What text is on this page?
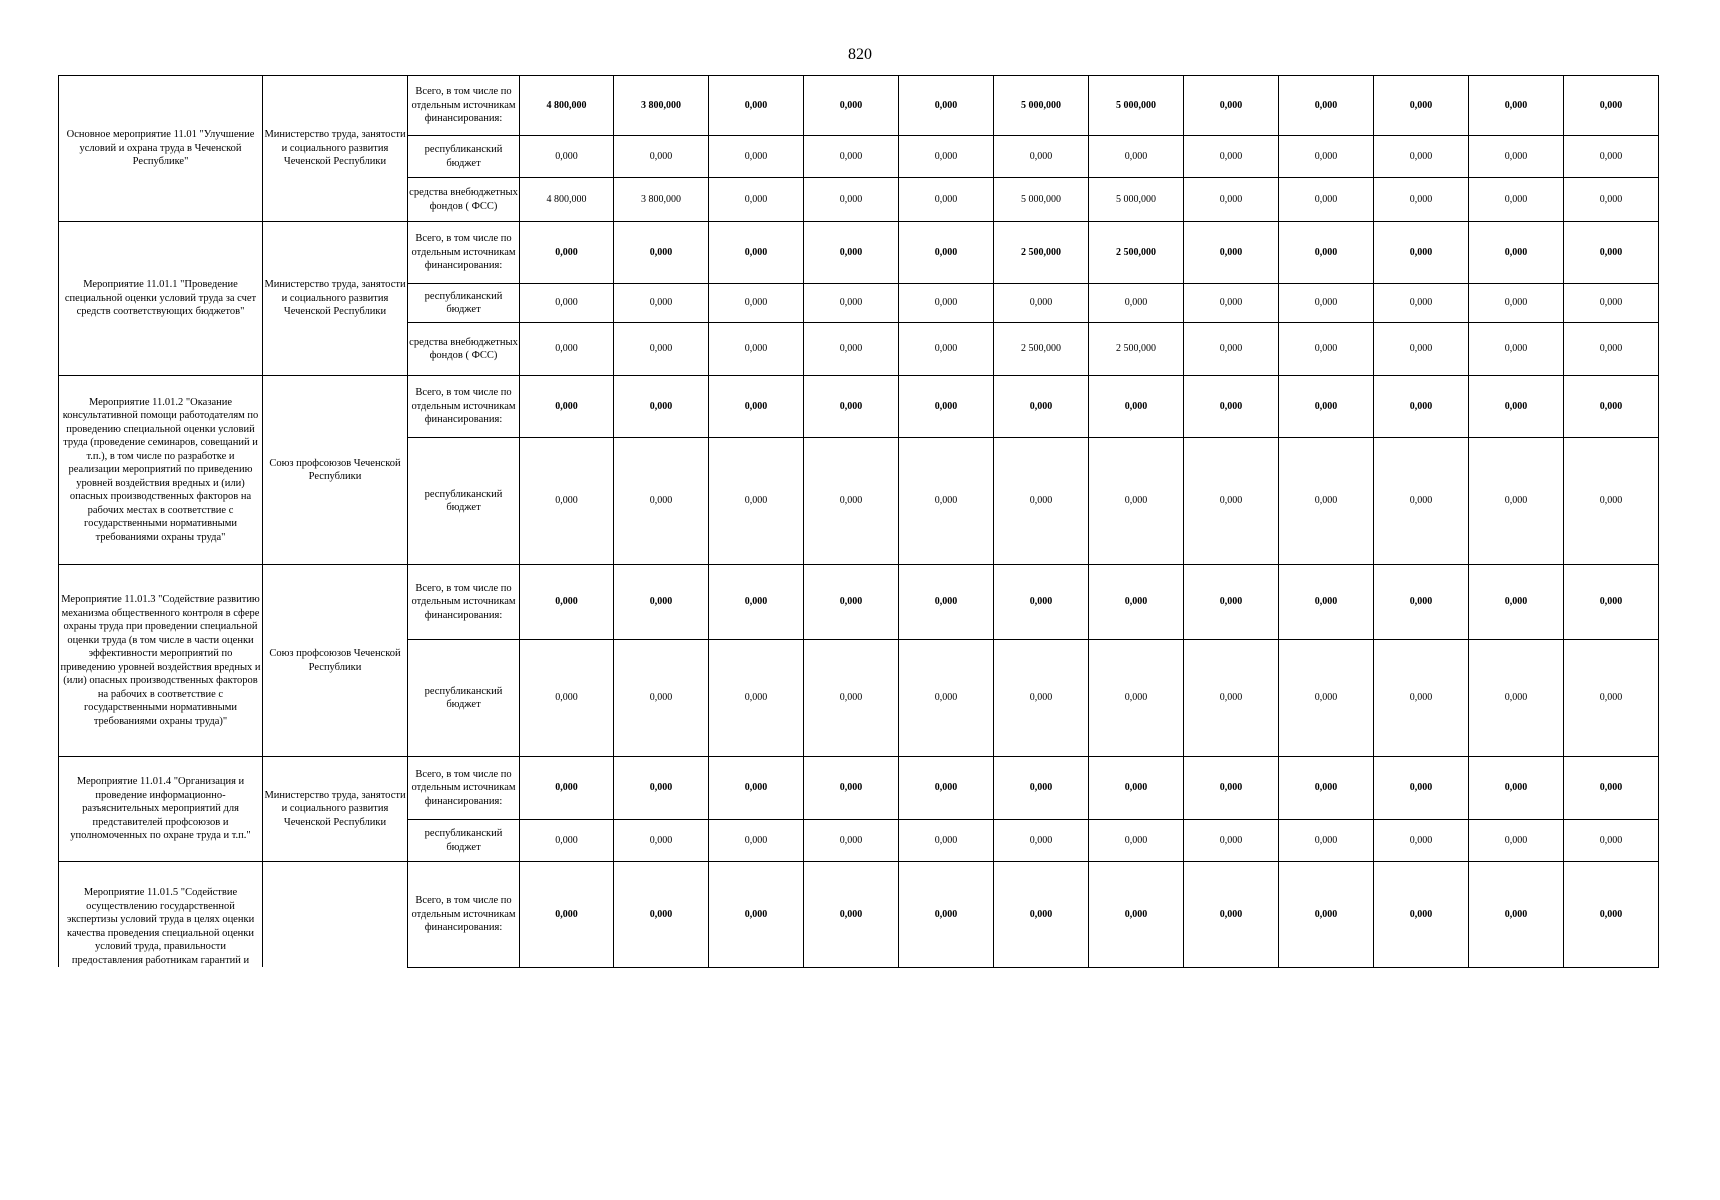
820
Основное мероприятие 11.01 "Улучшение условий и охрана труда в Чеченской Республике"	Министерство труда, занятости и социального развития Чеченской Республики	Всего, в том числе по отдельным источникам финансирования:	4 800,000	3 800,000	0,000	0,000	0,000	5 000,000	5 000,000	0,000	0,000	0,000	0,000	0,000
		республиканский бюджет	0,000	0,000	0,000	0,000	0,000	0,000	0,000	0,000	0,000	0,000	0,000	0,000
		средства внебюджетных фондов ( ФСС)	4 800,000	3 800,000	0,000	0,000	0,000	5 000,000	5 000,000	0,000	0,000	0,000	0,000	0,000
Мероприятие 11.01.1 "Проведение специальной оценки условий труда за счет средств соответствующих бюджетов"	Министерство труда, занятости и социального развития Чеченской Республики	Всего, в том числе по отдельным источникам финансирования:	0,000	0,000	0,000	0,000	0,000	2 500,000	2 500,000	0,000	0,000	0,000	0,000	0,000
		республиканский бюджет	0,000	0,000	0,000	0,000	0,000	0,000	0,000	0,000	0,000	0,000	0,000	0,000
		средства внебюджетных фондов ( ФСС)	0,000	0,000	0,000	0,000	0,000	2 500,000	2 500,000	0,000	0,000	0,000	0,000	0,000
Мероприятие 11.01.2 "Оказание консультативной помощи работодателям по проведению специальной оценки условий труда (проведение семинаров, совещаний и т.п.), в том числе по разработке и реализации мероприятий по приведению уровней воздействия вредных и (или) опасных производственных факторов на рабочих местах в соответствие с государственными нормативными требованиями охраны труда"	Союз профсоюзов Чеченской Республики	Всего, в том числе по отдельным источникам финансирования:	0,000	0,000	0,000	0,000	0,000	0,000	0,000	0,000	0,000	0,000	0,000	0,000
		республиканский бюджет	0,000	0,000	0,000	0,000	0,000	0,000	0,000	0,000	0,000	0,000	0,000	0,000
Мероприятие 11.01.3 "Содействие развитию механизма общественного контроля в сфере охраны труда при проведении специальной оценки труда (в том числе в части оценки эффективности мероприятий по приведению уровней воздействия вредных и (или) опасных производственных факторов на рабочих в соответствие с государственными нормативными требованиями охраны труда)"	Союз профсоюзов Чеченской Республики	Всего, в том числе по отдельным источникам финансирования:	0,000	0,000	0,000	0,000	0,000	0,000	0,000	0,000	0,000	0,000	0,000	0,000
		республиканский бюджет	0,000	0,000	0,000	0,000	0,000	0,000	0,000	0,000	0,000	0,000	0,000	0,000
Мероприятие 11.01.4 "Организация и проведение информационно-разъяснительных мероприятий для представителей профсоюзов и уполномоченных по охране труда и т.п."	Министерство труда, занятости и социального развития Чеченской Республики	Всего, в том числе по отдельным источникам финансирования:	0,000	0,000	0,000	0,000	0,000	0,000	0,000	0,000	0,000	0,000	0,000	0,000
		республиканский бюджет	0,000	0,000	0,000	0,000	0,000	0,000	0,000	0,000	0,000	0,000	0,000	0,000
Мероприятие 11.01.5 "Содействие осуществлению государственной экспертизы условий труда в целях оценки качества проведения специальной оценки условий труда, правильности предоставления работникам гарантий и		Всего, в том числе по отдельным источникам финансирования:	0,000	0,000	0,000	0,000	0,000	0,000	0,000	0,000	0,000	0,000	0,000	0,000
